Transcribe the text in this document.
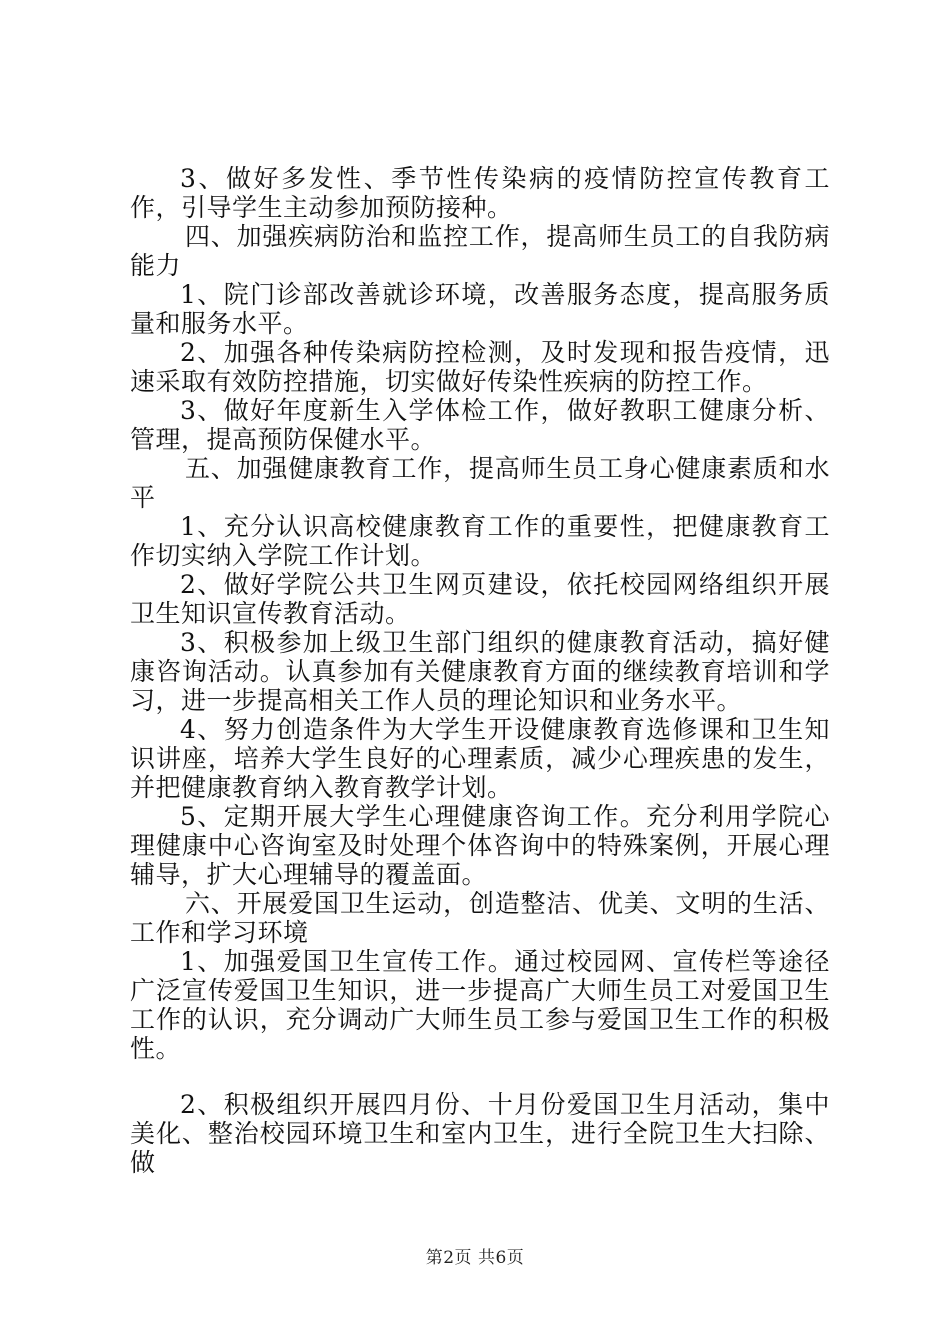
3、做好多发性、季节性传染病的疫情防控宣传教育工作，引导学生主动参加预防接种。

四、加强疾病防治和监控工作，提高师生员工的自我防病能力

1、院门诊部改善就诊环境，改善服务态度，提高服务质量和服务水平。

2、加强各种传染病防控检测，及时发现和报告疫情，迅速采取有效防控措施，切实做好传染性疾病的防控工作。

3、做好年度新生入学体检工作，做好教职工健康分析、管理，提高预防保健水平。

五、加强健康教育工作，提高师生员工身心健康素质和水平

1、充分认识高校健康教育工作的重要性，把健康教育工作切实纳入学院工作计划。

2、做好学院公共卫生网页建设，依托校园网络组织开展卫生知识宣传教育活动。

3、积极参加上级卫生部门组织的健康教育活动，搞好健康咨询活动。认真参加有关健康教育方面的继续教育培训和学习，进一步提高相关工作人员的理论知识和业务水平。

4、努力创造条件为大学生开设健康教育选修课和卫生知识讲座，培养大学生良好的心理素质，减少心理疾患的发生，并把健康教育纳入教育教学计划。

5、定期开展大学生心理健康咨询工作。充分利用学院心理健康中心咨询室及时处理个体咨询中的特殊案例，开展心理辅导，扩大心理辅导的覆盖面。

六、开展爱国卫生运动，创造整洁、优美、文明的生活、工作和学习环境

1、加强爱国卫生宣传工作。通过校园网、宣传栏等途径广泛宣传爱国卫生知识，进一步提高广大师生员工对爱国卫生工作的认识，充分调动广大师生员工参与爱国卫生工作的积极性。

2、积极组织开展四月份、十月份爱国卫生月活动，集中美化、整治校园环境卫生和室内卫生，进行全院卫生大扫除、做

第2页 共6页
